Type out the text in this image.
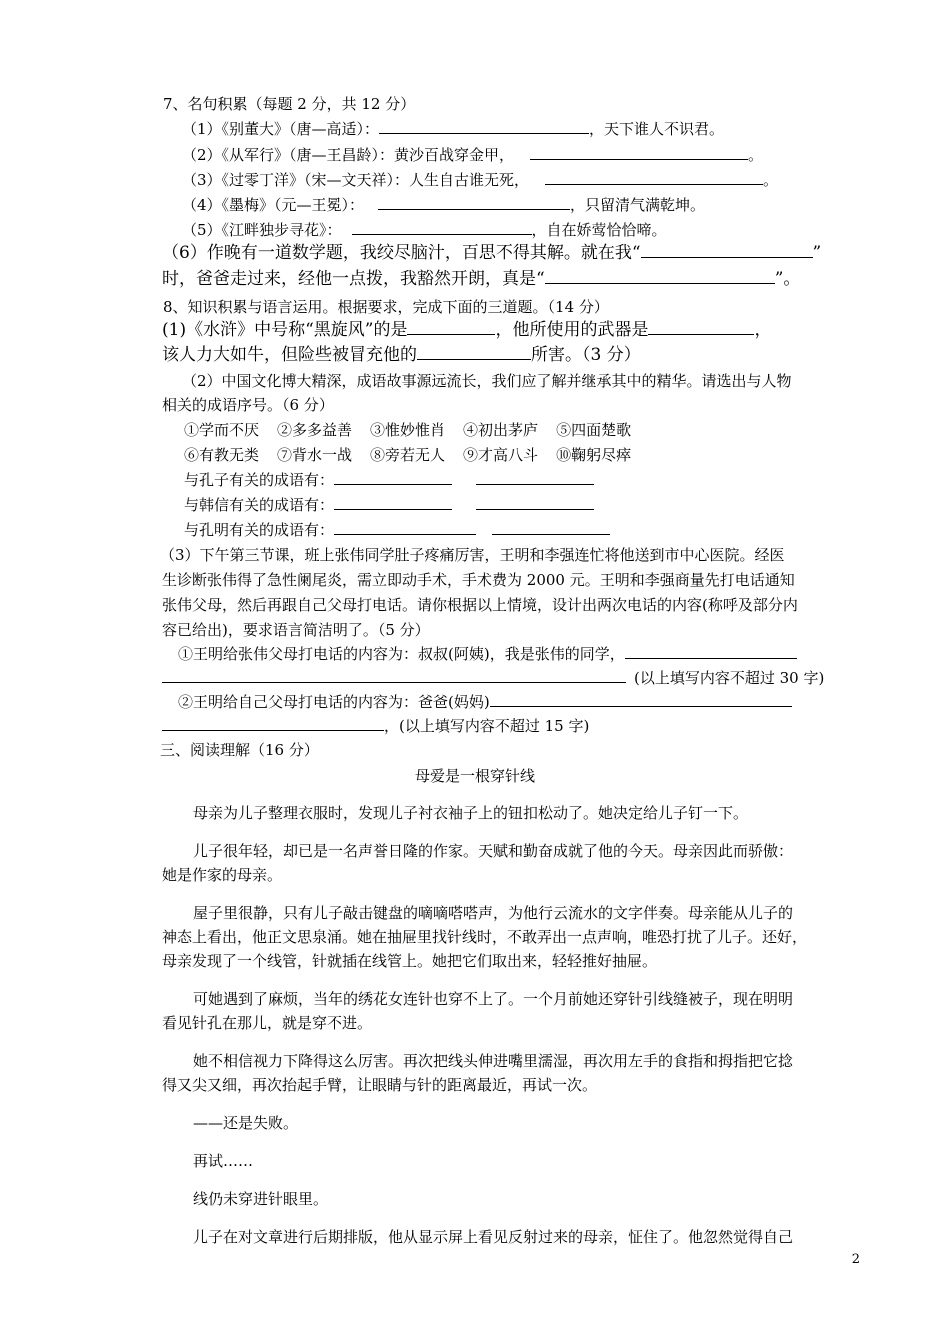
7、名句积累（每题 2 分，共 12 分）
（1）《别董大》（唐—高适）：	，天下谁人不识君。
（2）《从军行》（唐—王昌龄）：黄沙百战穿金甲，	。
（3）《过零丁洋》（宋—文天祥）：人生自古谁无死，	。
（4）《墨梅》（元—王冕）：	，只留清气满乾坤。
（5）《江畔独步寻花》：	，自在娇莺恰恰啼。
（6）作晚有一道数学题，我绞尽脑汁，百思不得其解。就在我“	”
时，爸爸走过来，经他一点拨，我豁然开朗，真是“	”。
8、知识积累与语言运用。根据要求，完成下面的三道题。（14 分）
(1)《水浒》中号称“黑旋风”的是	，他所使用的武器是	，
该人力大如牛，但险些被冒充他的	所害。（3 分）
（2）中国文化博大精深，成语故事源远流长，我们应了解并继承其中的精华。请选出与人物
相关的成语序号。（6 分）
①学而不厌 ②多多益善 ③惟妙惟肖 ④初出茅庐 ⑤四面楚歌
⑥有教无类 ⑦背水一战 ⑧旁若无人 ⑨才高八斗 ⑩鞠躬尽瘁
与孔子有关的成语有：
与韩信有关的成语有：
与孔明有关的成语有：
（3）下午第三节课，班上张伟同学肚子疼痛厉害，王明和李强连忙将他送到市中心医院。经医
生诊断张伟得了急性阑尾炎，需立即动手术，手术费为 2000 元。王明和李强商量先打电话通知
张伟父母，然后再跟自己父母打电话。请你根据以上情境，设计出两次电话的内容(称呼及部分内
容已给出)，要求语言简洁明了。（5 分）
①王明给张伟父母打电话的内容为：叔叔(阿姨)，我是张伟的同学，
(以上填写内容不超过 30 字)
②王明给自己父母打电话的内容为：爸爸(妈妈)
，(以上填写内容不超过 15 字)
三、阅读理解（16 分）
母爱是一根穿针线
母亲为儿子整理衣服时，发现儿子衬衣袖子上的钮扣松动了。她决定给儿子钉一下。
儿子很年轻，却已是一名声誉日隆的作家。天赋和勤奋成就了他的今天。母亲因此而骄傲：
她是作家的母亲。
屋子里很静，只有儿子敲击键盘的嘀嘀嗒嗒声，为他行云流水的文字伴奏。母亲能从儿子的
神态上看出，他正文思泉涌。她在抽屉里找针线时，不敢弄出一点声响，唯恐打扰了儿子。还好，
母亲发现了一个线管，针就插在线管上。她把它们取出来，轻轻推好抽屉。
可她遇到了麻烦，当年的绣花女连针也穿不上了。一个月前她还穿针引线缝被子，现在明明
看见针孔在那儿，就是穿不进。
她不相信视力下降得这么厉害。再次把线头伸进嘴里濡湿，再次用左手的食指和拇指把它捻
得又尖又细，再次抬起手臂，让眼睛与针的距离最近，再试一次。
——还是失败。
再试……
线仍未穿进针眼里。
儿子在对文章进行后期排版，他从显示屏上看见反射过来的母亲，怔住了。他忽然觉得自己
2
